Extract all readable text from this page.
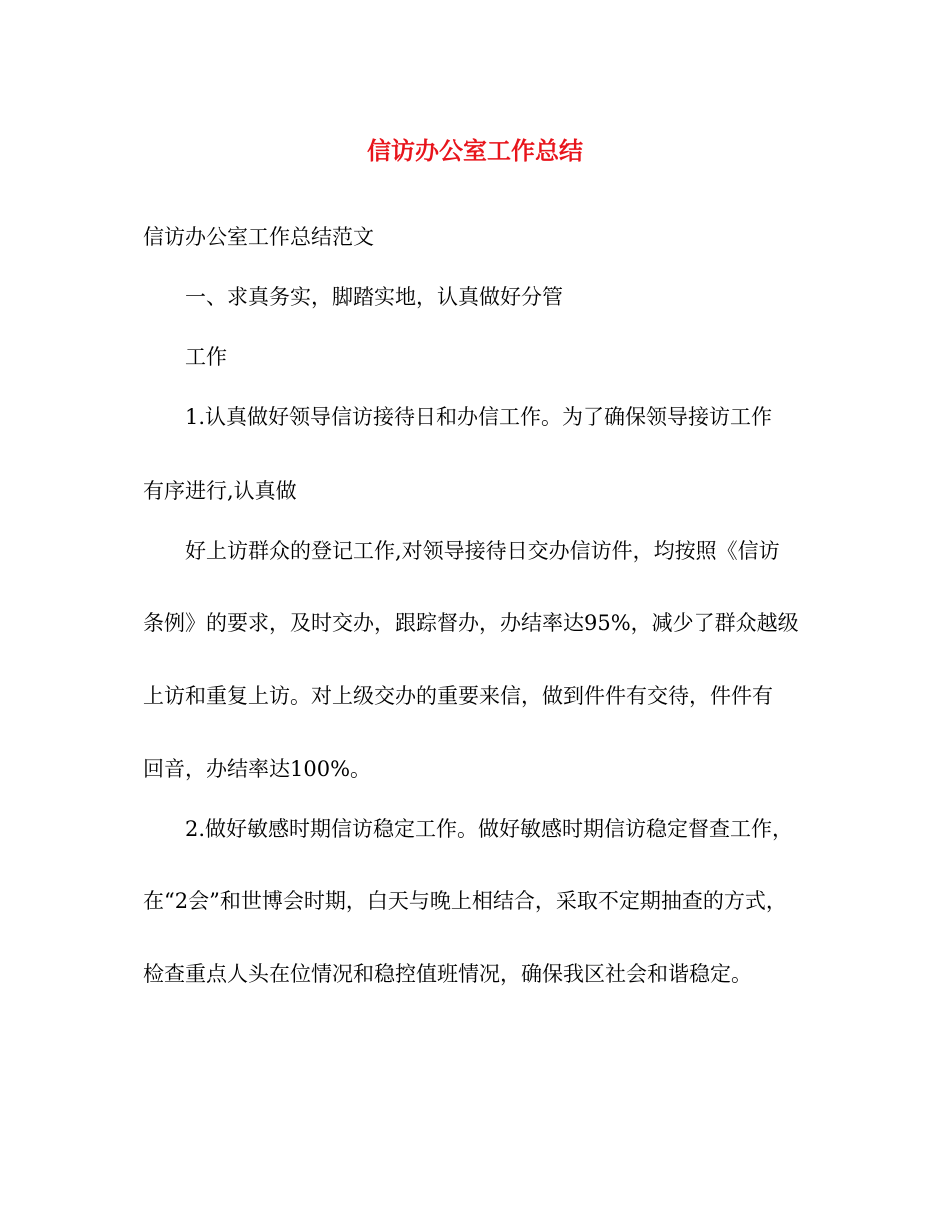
信访办公室工作总结
信访办公室工作总结范文
一、求真务实，脚踏实地，认真做好分管
工作
1.认真做好领导信访接待日和办信工作。为了确保领导接访工作
有序进行,认真做
好上访群众的登记工作,对领导接待日交办信访件，均按照《信访
条例》的要求，及时交办，跟踪督办，办结率达95%，减少了群众越级
上访和重复上访。对上级交办的重要来信，做到件件有交待，件件有
回音，办结率达100%。
2.做好敏感时期信访稳定工作。做好敏感时期信访稳定督查工作，
在“2会”和世博会时期，白天与晚上相结合，采取不定期抽查的方式，
检查重点人头在位情况和稳控值班情况，确保我区社会和谐稳定。
